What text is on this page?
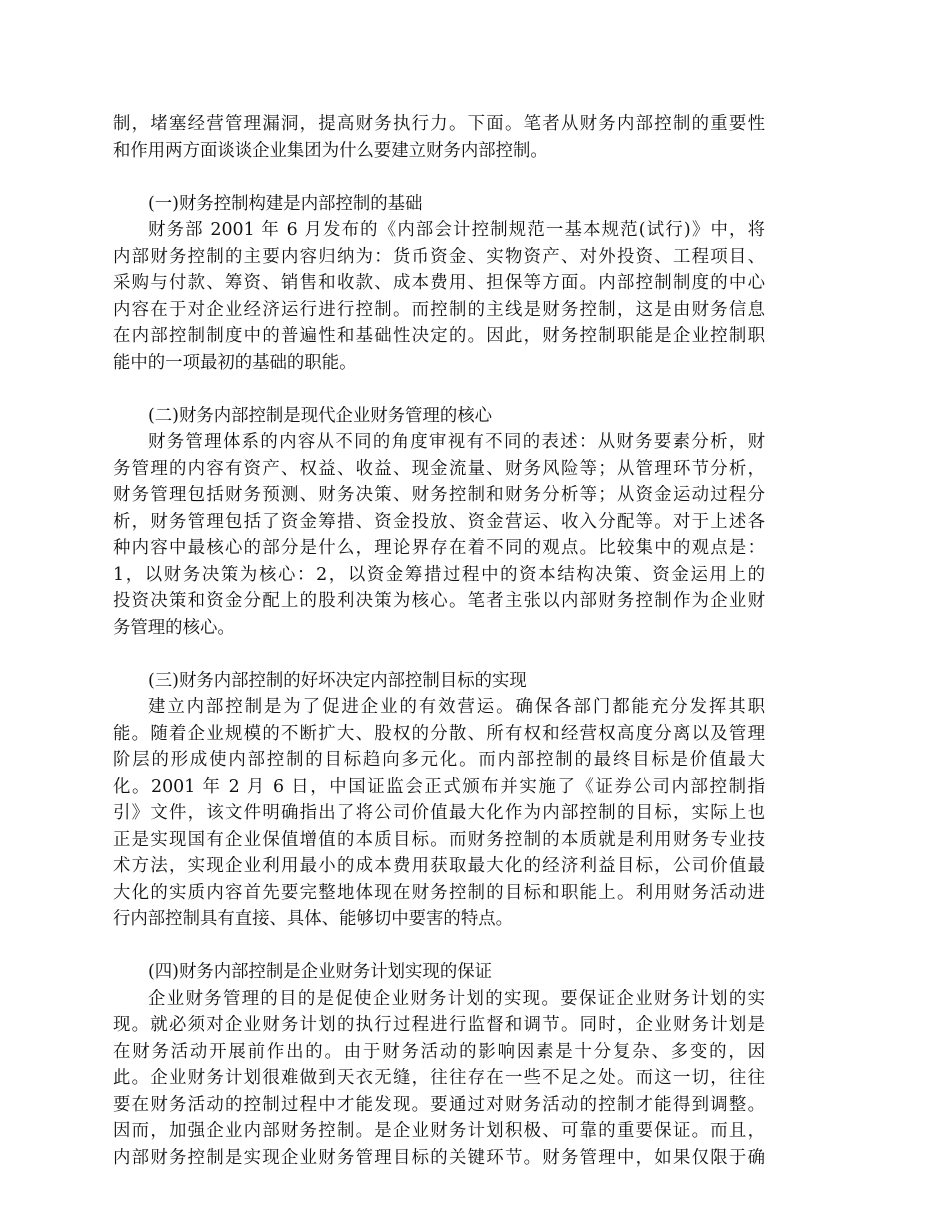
制，堵塞经营管理漏洞，提高财务执行力。下面。笔者从财务内部控制的重要性
和作用两方面谈谈企业集团为什么要建立财务内部控制。
(一)财务控制构建是内部控制的基础
财务部 2001 年 6 月发布的《内部会计控制规范一基本规范(试行)》中，将
内部财务控制的主要内容归纳为：货币资金、实物资产、对外投资、工程项目、
采购与付款、筹资、销售和收款、成本费用、担保等方面。内部控制制度的中心
内容在于对企业经济运行进行控制。而控制的主线是财务控制，这是由财务信息
在内部控制制度中的普遍性和基础性决定的。因此，财务控制职能是企业控制职
能中的一项最初的基础的职能。
(二)财务内部控制是现代企业财务管理的核心
财务管理体系的内容从不同的角度审视有不同的表述：从财务要素分析，财
务管理的内容有资产、权益、收益、现金流量、财务风险等；从管理环节分析，
财务管理包括财务预测、财务决策、财务控制和财务分析等；从资金运动过程分
析，财务管理包括了资金筹措、资金投放、资金营运、收入分配等。对于上述各
种内容中最核心的部分是什么，理论界存在着不同的观点。比较集中的观点是：
1，以财务决策为核心：2，以资金筹措过程中的资本结构决策、资金运用上的
投资决策和资金分配上的股利决策为核心。笔者主张以内部财务控制作为企业财
务管理的核心。
(三)财务内部控制的好坏决定内部控制目标的实现
建立内部控制是为了促进企业的有效营运。确保各部门都能充分发挥其职
能。随着企业规模的不断扩大、股权的分散、所有权和经营权高度分离以及管理
阶层的形成使内部控制的目标趋向多元化。而内部控制的最终目标是价值最大
化。2001 年 2 月 6 日，中国证监会正式颁布并实施了《证券公司内部控制指
引》文件，该文件明确指出了将公司价值最大化作为内部控制的目标，实际上也
正是实现国有企业保值增值的本质目标。而财务控制的本质就是利用财务专业技
术方法，实现企业利用最小的成本费用获取最大化的经济利益目标，公司价值最
大化的实质内容首先要完整地体现在财务控制的目标和职能上。利用财务活动进
行内部控制具有直接、具体、能够切中要害的特点。
(四)财务内部控制是企业财务计划实现的保证
企业财务管理的目的是促使企业财务计划的实现。要保证企业财务计划的实
现。就必须对企业财务计划的执行过程进行监督和调节。同时，企业财务计划是
在财务活动开展前作出的。由于财务活动的影响因素是十分复杂、多变的，因
此。企业财务计划很难做到天衣无缝，往往存在一些不足之处。而这一切，往往
要在财务活动的控制过程中才能发现。要通过对财务活动的控制才能得到调整。
因而，加强企业内部财务控制。是企业财务计划积极、可靠的重要保证。而且，
内部财务控制是实现企业财务管理目标的关键环节。财务管理中，如果仅限于确
